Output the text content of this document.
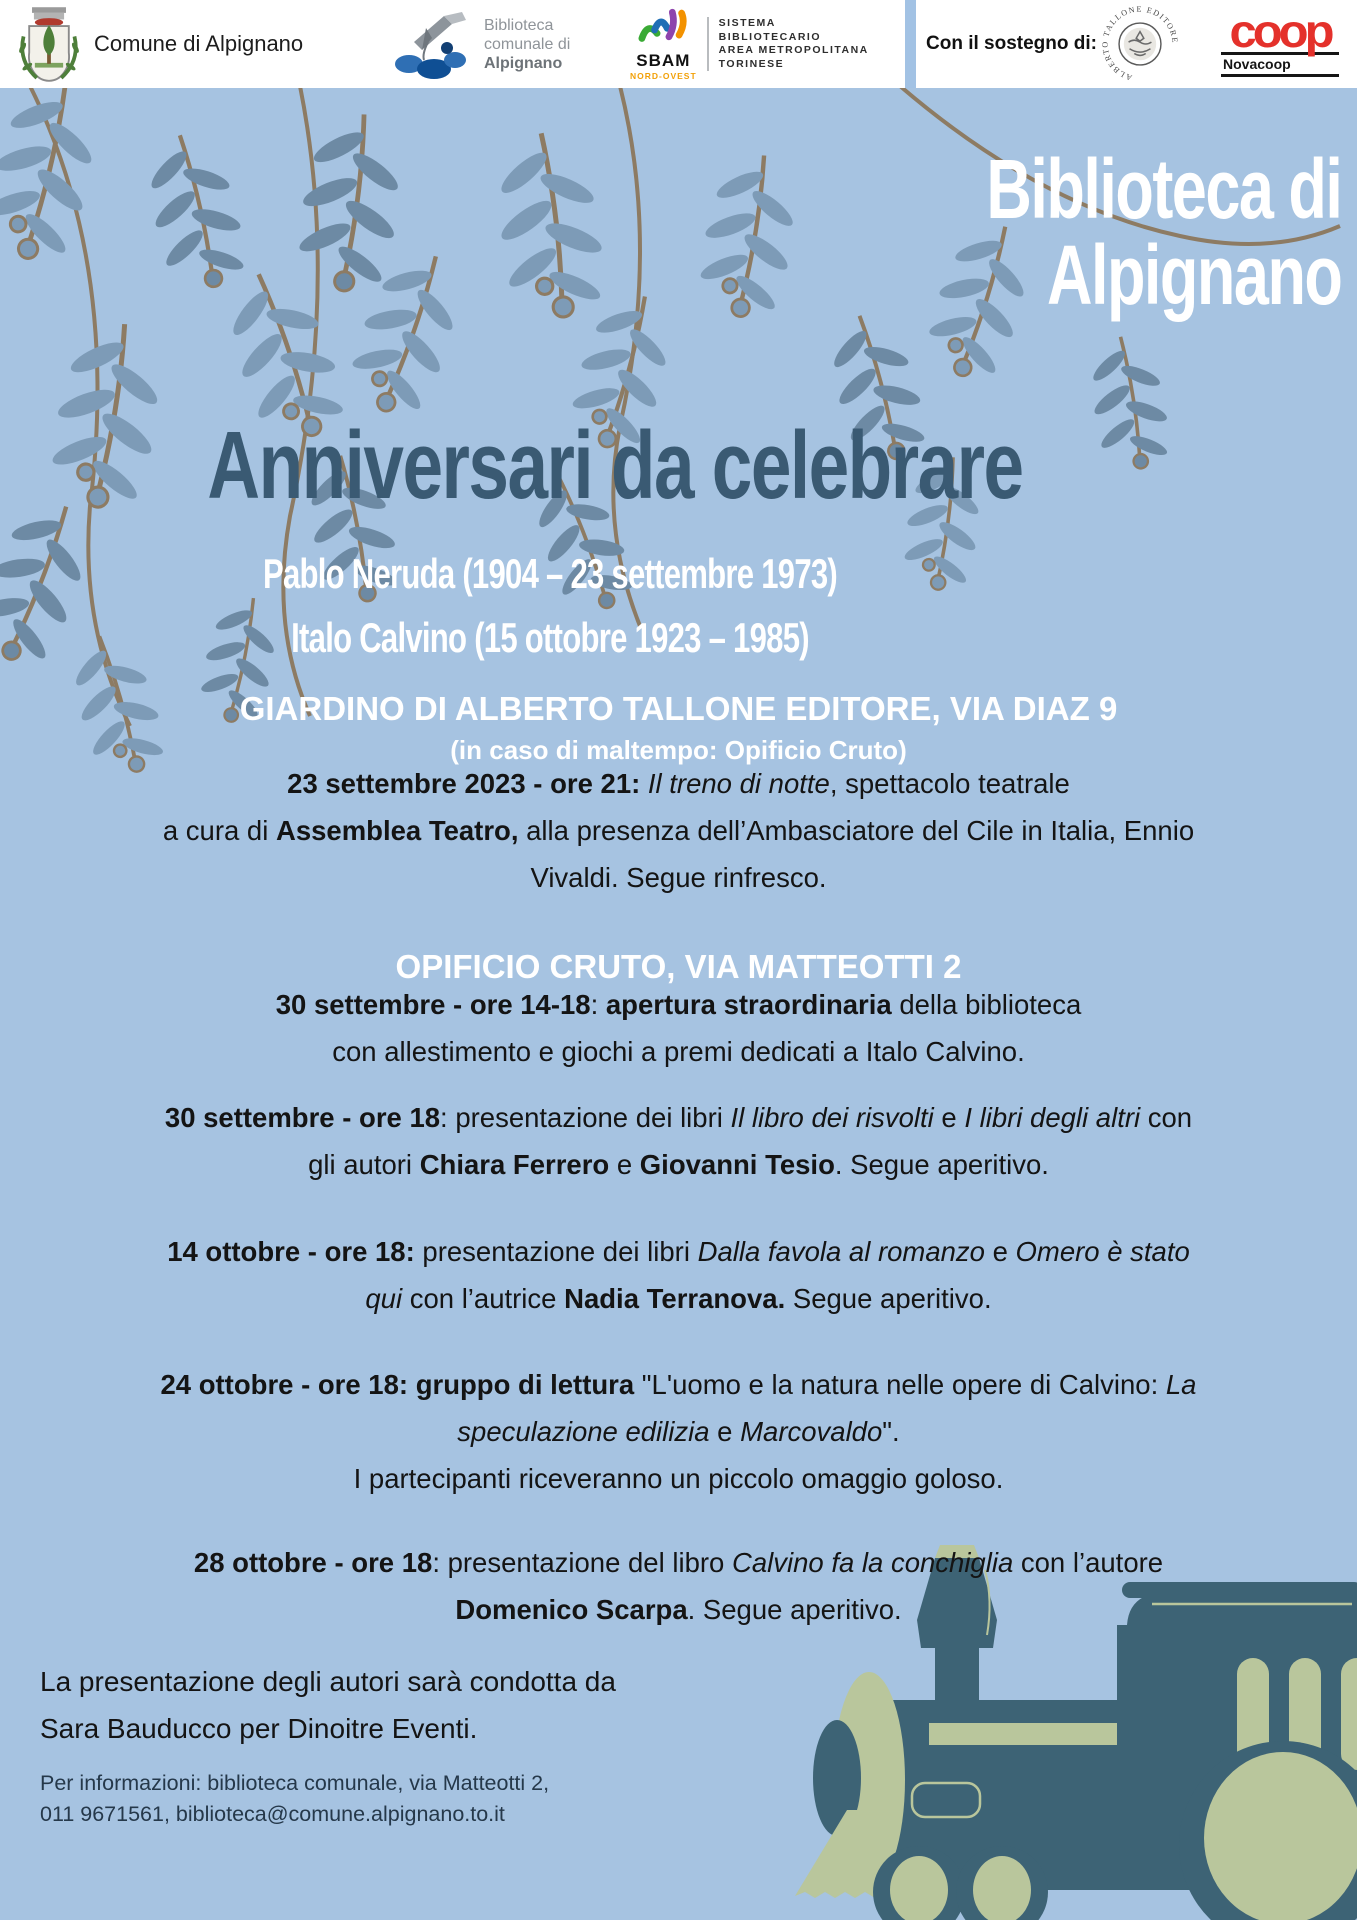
Comune di Alpignano
Biblioteca
comunale di
Alpignano	SBAM
NORD-OVEST
SISTEMA
BIBLIOTECARIO
AREA METROPOLITANA
TORINESE
Con il sostegno di:
ALBERTO TALLONE EDITORE coop
Novacoop
Biblioteca di
Alpignano
Anniversari da celebrare
Pablo Neruda (1904 – 23 settembre 1973)
Italo Calvino (15 ottobre 1923 – 1985)
GIARDINO DI ALBERTO TALLONE EDITORE, VIA DIAZ 9
(in caso di maltempo: Opificio Cruto)
23 settembre 2023 - ore 21: Il treno di notte, spettacolo teatrale
a cura di Assemblea Teatro, alla presenza dell’Ambasciatore del Cile in Italia, Ennio
Vivaldi. Segue rinfresco.
OPIFICIO CRUTO, VIA MATTEOTTI 2
30 settembre - ore 14-18: apertura straordinaria della biblioteca
con allestimento e giochi a premi dedicati a Italo Calvino.
30 settembre - ore 18: presentazione dei libri Il libro dei risvolti e I libri degli altri con
gli autori Chiara Ferrero e Giovanni Tesio. Segue aperitivo.
14 ottobre - ore 18: presentazione dei libri Dalla favola al romanzo e Omero è stato
qui con l’autrice Nadia Terranova. Segue aperitivo.
24 ottobre - ore 18: gruppo di lettura "L'uomo e la natura nelle opere di Calvino: La
speculazione edilizia e Marcovaldo".
I partecipanti riceveranno un piccolo omaggio goloso.
28 ottobre - ore 18: presentazione del libro Calvino fa la conchiglia con l’autore
Domenico Scarpa. Segue aperitivo.
La presentazione degli autori sarà condotta da
Sara Bauducco per Dinoitre Eventi.
Per informazioni: biblioteca comunale, via Matteotti 2,
011 9671561, biblioteca@comune.alpignano.to.it
